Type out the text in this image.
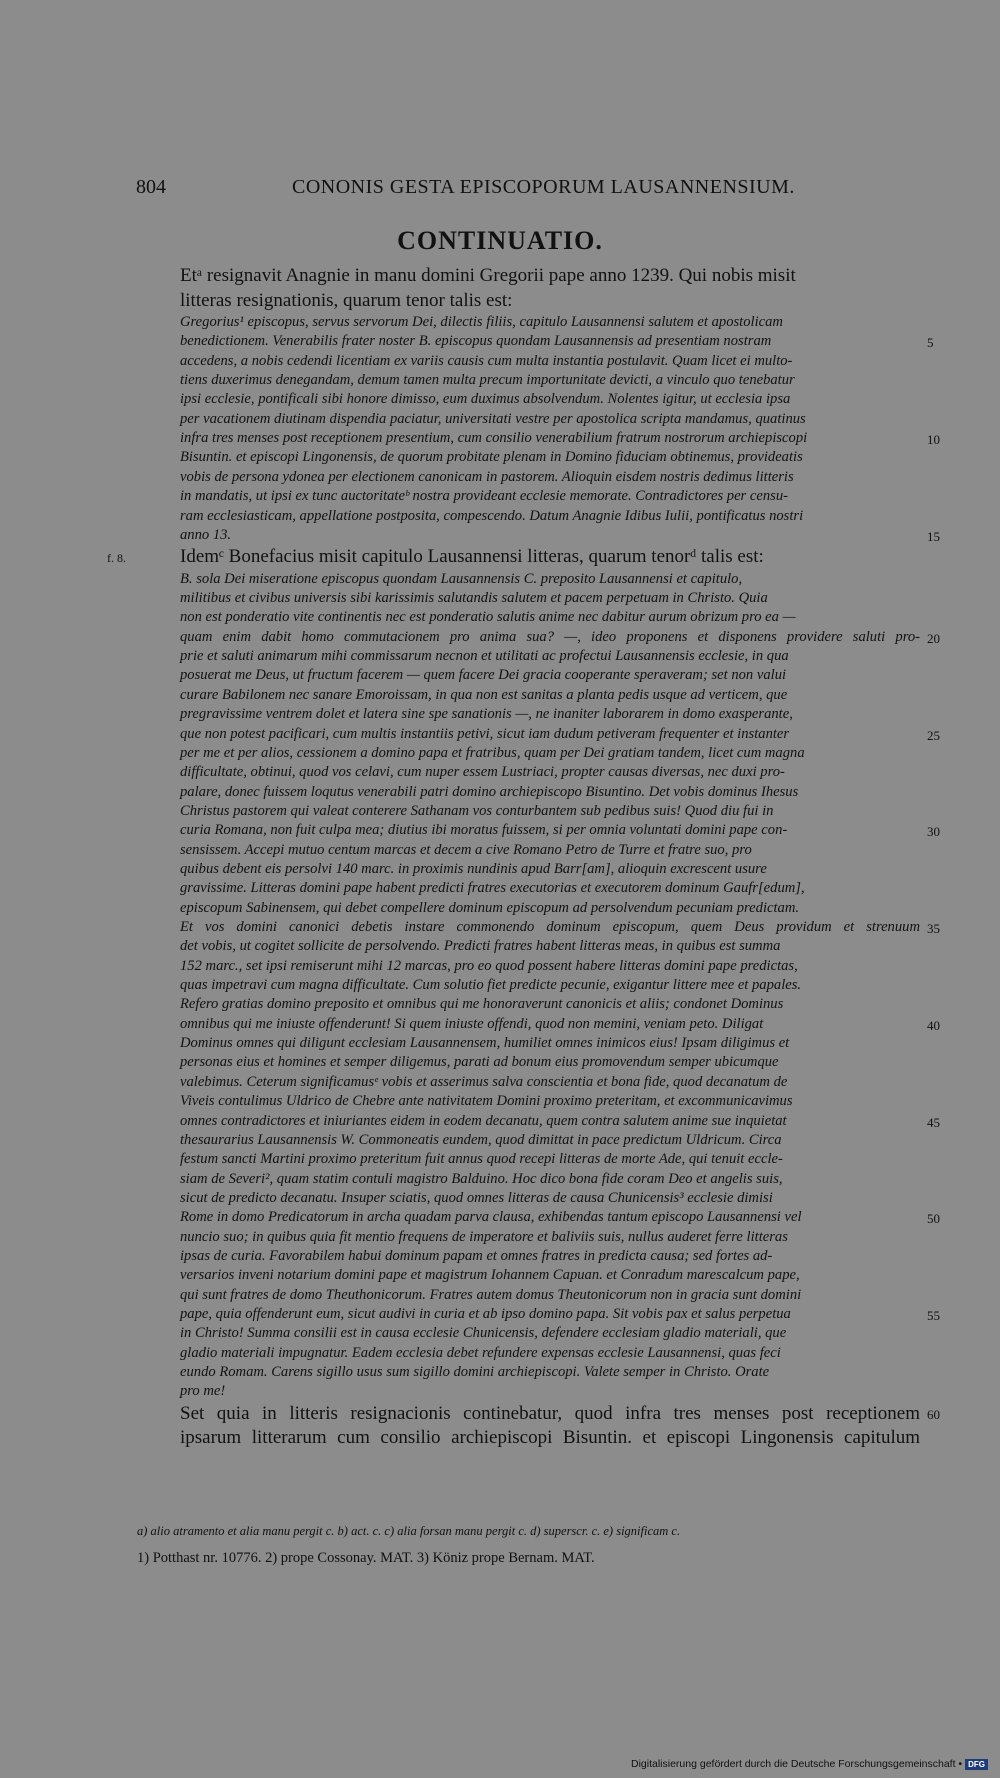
804	CONONIS GESTA EPISCOPORUM LAUSANNENSIUM.
CONTINUATIO.
Etᵃ resignavit Anagnie in manu domini Gregorii pape anno 1239. Qui nobis misit
litteras resignationis, quarum tenor talis est:
Gregorius¹ episcopus, servus servorum Dei, dilectis filiis, capitulo Lausannensi salutem et apostolicam
benedictionem. Venerabilis frater noster B. episcopus quondam Lausannensis ad presentiam nostram	5
accedens, a nobis cedendi licentiam ex variis causis cum multa instantia postulavit. Quam licet ei multo-
tiens duxerimus denegandam, demum tamen multa precum importunitate devicti, a vinculo quo tenebatur
ipsi ecclesie, pontificali sibi honore dimisso, eum duximus absolvendum. Nolentes igitur, ut ecclesia ipsa
per vacationem diutinam dispendia paciatur, universitati vestre per apostolica scripta mandamus, quatinus
infra tres menses post receptionem presentium, cum consilio venerabilium fratrum nostrorum archiepiscopi	10
Bisuntin. et episcopi Lingonensis, de quorum probitate plenam in Domino fiduciam obtinemus, provideatis
vobis de persona ydonea per electionem canonicam in pastorem. Alioquin eisdem nostris dedimus litteris
in mandatis, ut ipsi ex tunc auctoritateᵇ nostra provideant ecclesie memorate. Contradictores per censu-
ram ecclesiasticam, appellatione postposita, compescendo. Datum Anagnie Idibus Iulii, pontificatus nostri
anno 13.	15
Idemᶜ Bonefacius misit capitulo Lausannensi litteras, quarum tenorᵈ talis est:
f. 8.
B. sola Dei miseratione episcopus quondam Lausannensis C. preposito Lausannensi et capitulo,
militibus et civibus universis sibi karissimis salutandis salutem et pacem perpetuam in Christo. Quia
non est ponderatio vite continentis nec est ponderatio salutis anime nec dabitur aurum obrizum pro ea —
quam enim dabit homo commutacionem pro anima sua? —, ideo proponens et disponens providere saluti pro- 20
prie et saluti animarum mihi commissarum necnon et utilitati ac profectui Lausannensis ecclesie, in qua
posuerat me Deus, ut fructum facerem — quem facere Dei gracia cooperante speraveram; set non valui
curare Babilonem nec sanare Emoroissam, in qua non est sanitas a planta pedis usque ad verticem, que
pregravissime ventrem dolet et latera sine spe sanationis —, ne inaniter laborarem in domo exasperante,
que non potest pacificari, cum multis instantiis petivi, sicut iam dudum petiveram frequenter et instanter	25
per me et per alios, cessionem a domino papa et fratribus, quam per Dei gratiam tandem, licet cum magna
difficultate, obtinui, quod vos celavi, cum nuper essem Lustriaci, propter causas diversas, nec duxi pro-
palare, donec fuissem loqutus venerabili patri domino archiepiscopo Bisuntino. Det vobis dominus Ihesus
Christus pastorem qui valeat conterere Sathanam vos conturbantem sub pedibus suis! Quod diu fui in
curia Romana, non fuit culpa mea; diutius ibi moratus fuissem, si per omnia voluntati domini pape con-	30
sensissem. Accepi mutuo centum marcas et decem a cive Romano Petro de Turre et fratre suo, pro
quibus debent eis persolvi 140 marc. in proximis nundinis apud Barr[am], alioquin excrescent usure
gravissime. Litteras domini pape habent predicti fratres executorias et executorem dominum Gaufr[edum],
episcopum Sabinensem, qui debet compellere dominum episcopum ad persolvendum pecuniam predictam.
Et vos domini canonici debetis instare commonendo dominum episcopum, quem Deus providum et strenuum 35
det vobis, ut cogitet sollicite de persolvendo. Predicti fratres habent litteras meas, in quibus est summa
152 marc., set ipsi remiserunt mihi 12 marcas, pro eo quod possent habere litteras domini pape predictas,
quas impetravi cum magna difficultate. Cum solutio fiet predicte pecunie, exigantur littere mee et papales.
Refero gratias domino preposito et omnibus qui me honoraverunt canonicis et aliis; condonet Dominus
omnibus qui me iniuste offenderunt! Si quem iniuste offendi, quod non memini, veniam peto. Diligat	40
Dominus omnes qui diligunt ecclesiam Lausannensem, humiliet omnes inimicos eius! Ipsam diligimus et
personas eius et homines et semper diligemus, parati ad bonum eius promovendum semper ubicumque
valebimus. Ceterum significamusᵉ vobis et asserimus salva conscientia et bona fide, quod decanatum de
Viveis contulimus Uldrico de Chebre ante nativitatem Domini proximo preteritam, et excommunicavimus
omnes contradictores et iniuriantes eidem in eodem decanatu, quem contra salutem anime sue inquietat	45
thesaurarius Lausannensis W. Commoneatis eundem, quod dimittat in pace predictum Uldricum. Circa
festum sancti Martini proximo preteritum fuit annus quod recepi litteras de morte Ade, qui tenuit eccle-
siam de Severi², quam statim contuli magistro Balduino. Hoc dico bona fide coram Deo et angelis suis,
sicut de predicto decanatu. Insuper sciatis, quod omnes litteras de causa Chunicensis³ ecclesie dimisi
Rome in domo Predicatorum in archa quadam parva clausa, exhibendas tantum episcopo Lausannensi vel	50
nuncio suo; in quibus quia fit mentio frequens de imperatore et baliviis suis, nullus auderet ferre litteras
ipsas de curia. Favorabilem habui dominum papam et omnes fratres in predicta causa; sed fortes ad-
versarios inveni notarium domini pape et magistrum Iohannem Capuan. et Conradum marescalcum pape,
qui sunt fratres de domo Theuthonicorum. Fratres autem domus Theutonicorum non in gracia sunt domini
pape, quia offenderunt eum, sicut audivi in curia et ab ipso domino papa. Sit vobis pax et salus perpetua	55
in Christo! Summa consilii est in causa ecclesie Chunicensis, defendere ecclesiam gladio materiali, que
gladio materiali impugnatur. Eadem ecclesia debet refundere expensas ecclesie Lausannensi, quas feci
eundo Romam. Carens sigillo usus sum sigillo domini archiepiscopi. Valete semper in Christo. Orate
pro me!
Set quia in litteris resignacionis continebatur, quod infra tres menses post receptionem 60
ipsarum litterarum cum consilio archiepiscopi Bisuntin. et episcopi Lingonensis capitulum
a) alio atramento et alia manu pergit c. b) act. c. c) alia forsan manu pergit c. d) superscr. c. e) significam c.
1) Potthast nr. 10776. 2) prope Cossonay. MAT. 3) Köniz prope Bernam. MAT.
Digitalisierung gefördert durch die Deutsche Forschungsgemeinschaft • DFG
